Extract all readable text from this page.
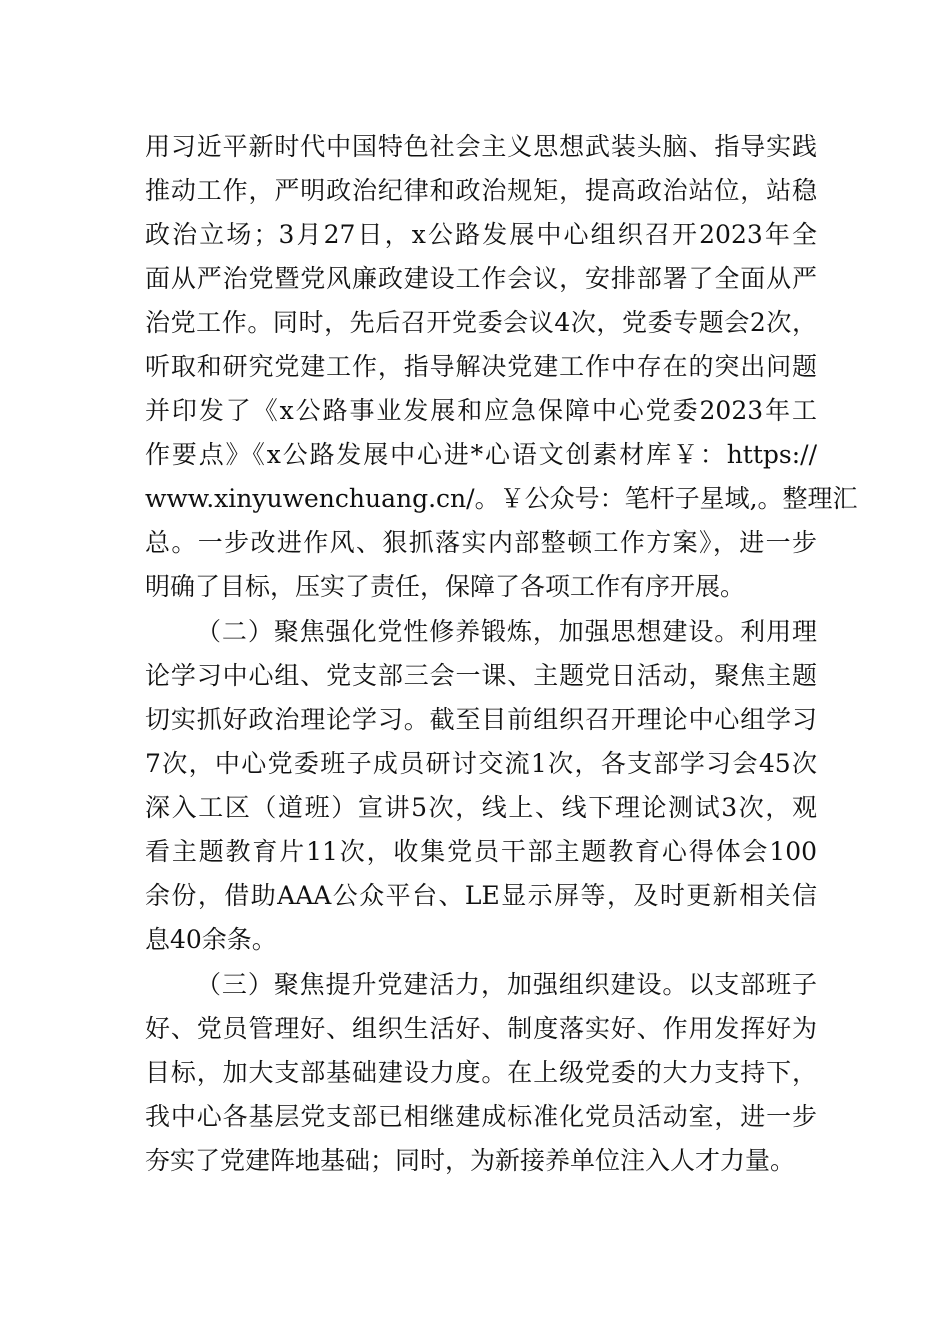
用习近平新时代中国特色社会主义思想武装头脑、指导实践
推动工作，严明政治纪律和政治规矩，提高政治站位，站稳
政治立场；3月27日，x公路发展中心组织召开2023年全
面从严治党暨党风廉政建设工作会议，安排部署了全面从严
治党工作。同时，先后召开党委会议4次，党委专题会2次，
听取和研究党建工作，指导解决党建工作中存在的突出问题
并印发了《x公路事业发展和应急保障中心党委2023年工
作要点》《x公路发展中心进*心语文创素材库￥：https://
www.xinyuwenchuang.cn/。￥公众号：笔杆子星域,。整理汇
总。一步改进作风、狠抓落实内部整顿工作方案》，进一步
明确了目标，压实了责任，保障了各项工作有序开展。
（二）聚焦强化党性修养锻炼，加强思想建设。利用理
论学习中心组、党支部三会一课、主题党日活动，聚焦主题
切实抓好政治理论学习。截至目前组织召开理论中心组学习
7次，中心党委班子成员研讨交流1次，各支部学习会45次
深入工区（道班）宣讲5次，线上、线下理论测试3次，观
看主题教育片11次，收集党员干部主题教育心得体会100
余份，借助AAA公众平台、LE显示屏等，及时更新相关信
息40余条。
（三）聚焦提升党建活力，加强组织建设。以支部班子
好、党员管理好、组织生活好、制度落实好、作用发挥好为
目标，加大支部基础建设力度。在上级党委的大力支持下，
我中心各基层党支部已相继建成标准化党员活动室，进一步
夯实了党建阵地基础；同时，为新接养单位注入人才力量。
